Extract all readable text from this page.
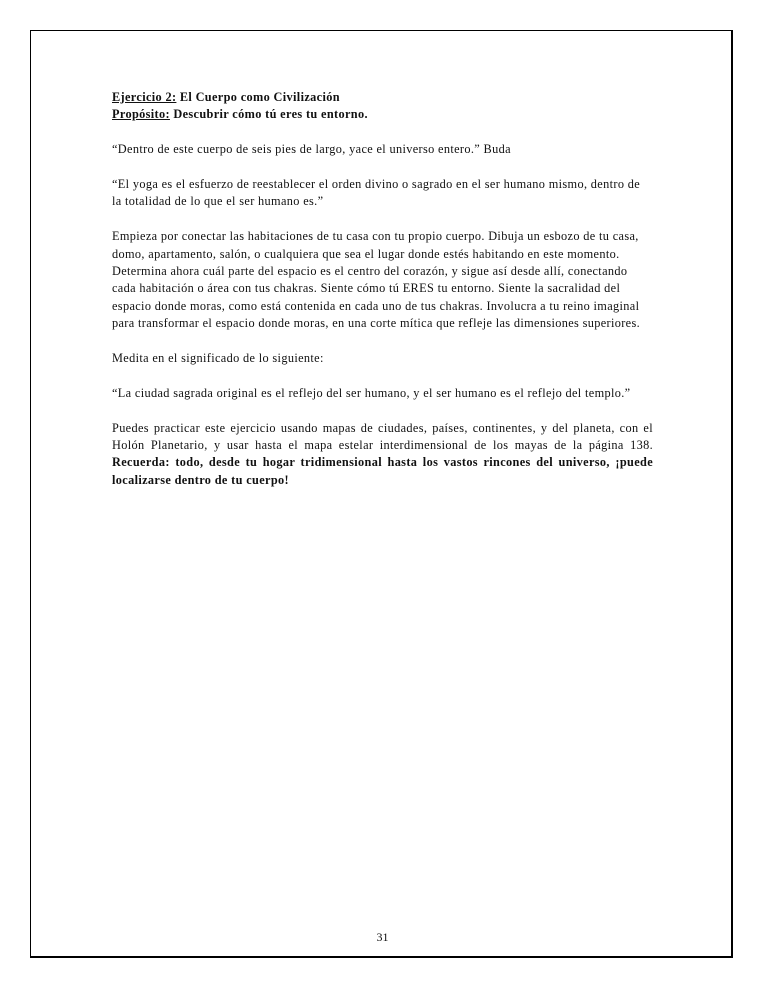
Ejercicio 2: El Cuerpo como Civilización

Propósito: Descubrir cómo tú eres tu entorno.

“Dentro de este cuerpo de seis pies de largo, yace el universo entero.” Buda

“El yoga es el esfuerzo de reestablecer el orden divino o sagrado en el ser humano mismo, dentro de la totalidad de lo que el ser humano es.”

Empieza por conectar las habitaciones de tu casa con tu propio cuerpo. Dibuja un esbozo de tu casa, domo, apartamento, salón, o cualquiera que sea el lugar donde estés habitando en este momento. Determina ahora cuál parte del espacio es el centro del corazón, y sigue así desde allí, conectando cada habitación o área con tus chakras. Siente cómo tú ERES tu entorno. Siente la sacralidad del espacio donde moras, como está contenida en cada uno de tus chakras. Involucra a tu reino imaginal para transformar el espacio donde moras, en una corte mítica que refleje las dimensiones superiores.

Medita en el significado de lo siguiente:

“La ciudad sagrada original es el reflejo del ser humano, y el ser humano es el reflejo del templo.”

Puedes practicar este ejercicio usando mapas de ciudades, países, continentes, y del planeta, con el Holón Planetario, y usar hasta el mapa estelar interdimensional de los mayas de la página 138. Recuerda: todo, desde tu hogar tridimensional hasta los vastos rincones del universo, ¡puede localizarse dentro de tu cuerpo!

31
